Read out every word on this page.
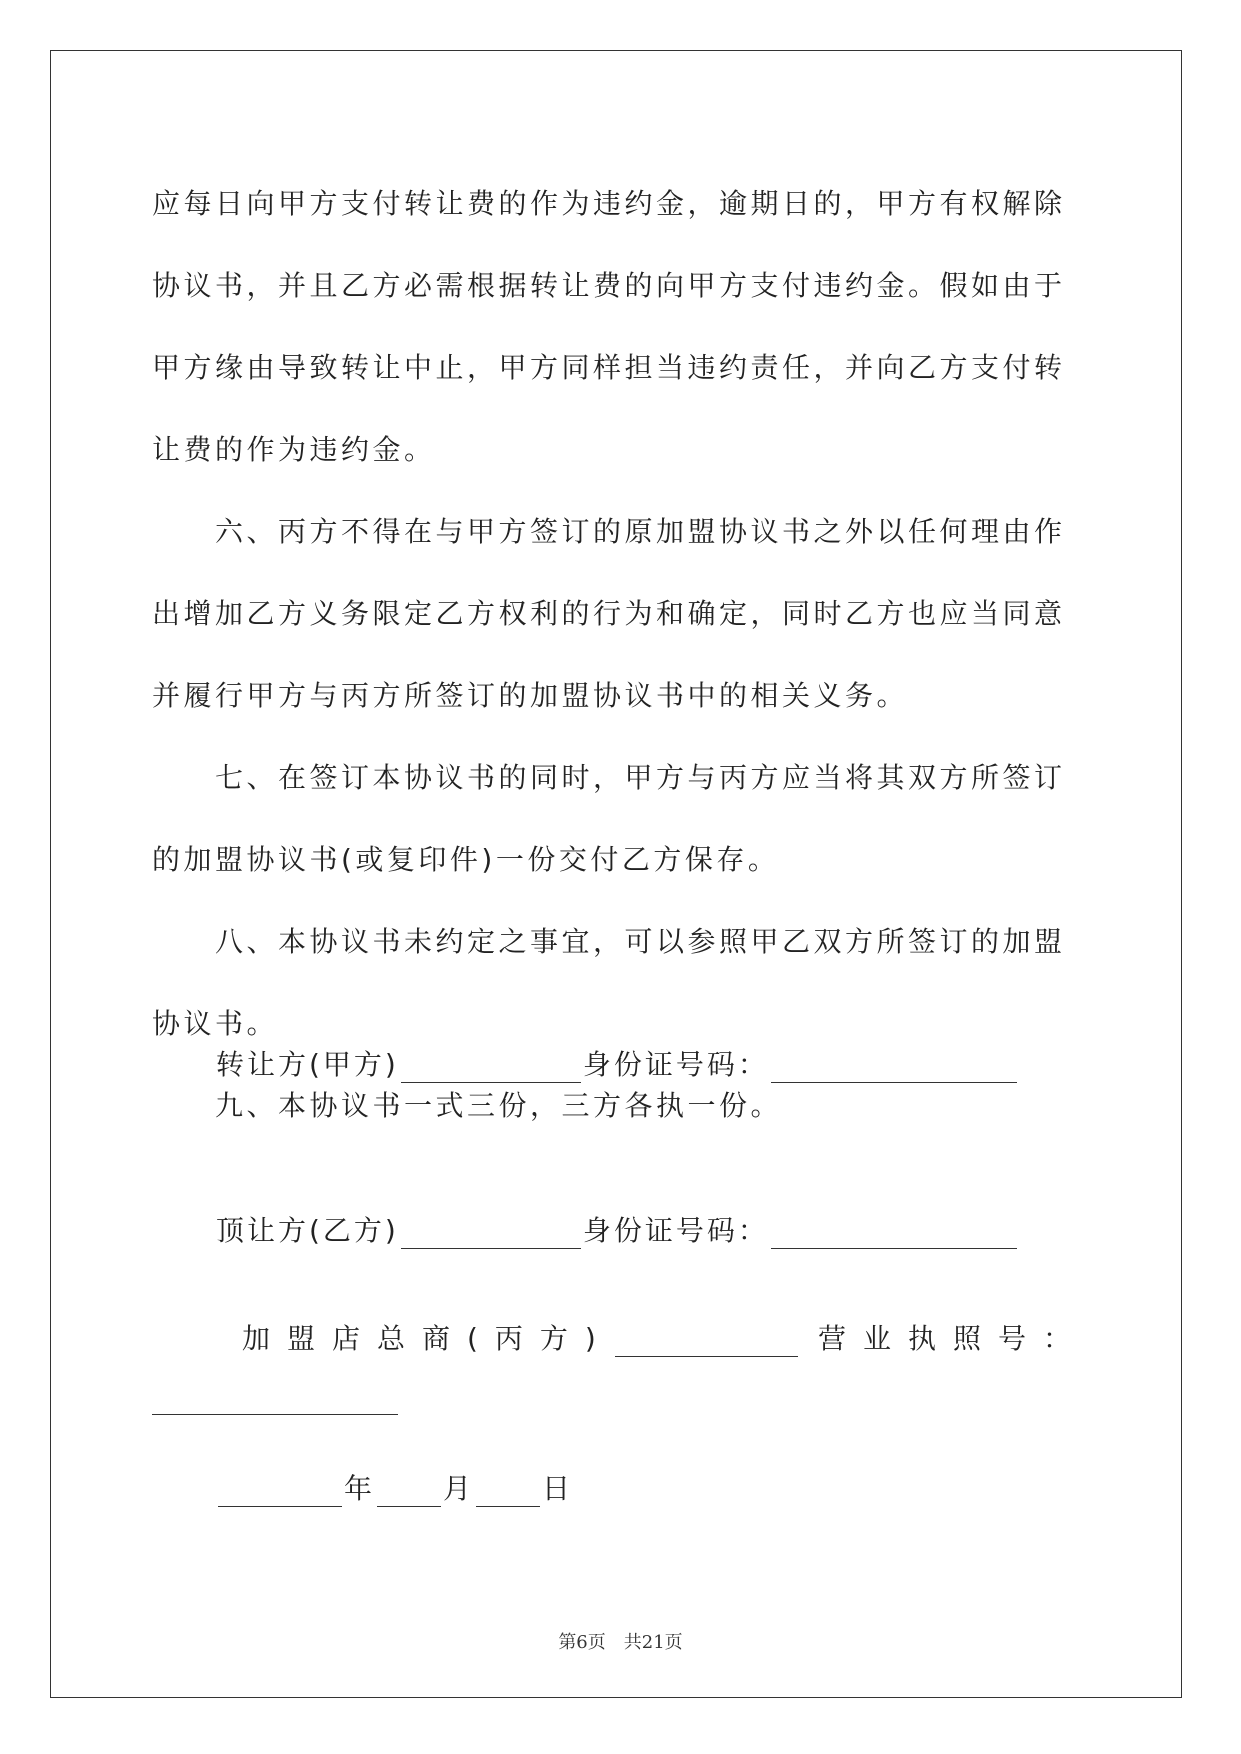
应每日向甲方支付转让费的作为违约金，逾期日的，甲方有权解除协议书，并且乙方必需根据转让费的向甲方支付违约金。假如由于甲方缘由导致转让中止，甲方同样担当违约责任，并向乙方支付转让费的作为违约金。

六、丙方不得在与甲方签订的原加盟协议书之外以任何理由作出增加乙方义务限定乙方权利的行为和确定，同时乙方也应当同意并履行甲方与丙方所签订的加盟协议书中的相关义务。

七、在签订本协议书的同时，甲方与丙方应当将其双方所签订的加盟协议书(或复印件)一份交付乙方保存。

八、本协议书未约定之事宜，可以参照甲乙双方所签订的加盟协议书。

九、本协议书一式三份，三方各执一份。

转让方(甲方)	身份证号码：
顶让方(乙方)	身份证号码：
加盟店总商(丙方)	营业执照号：
年 月 日
第6页　共21页
